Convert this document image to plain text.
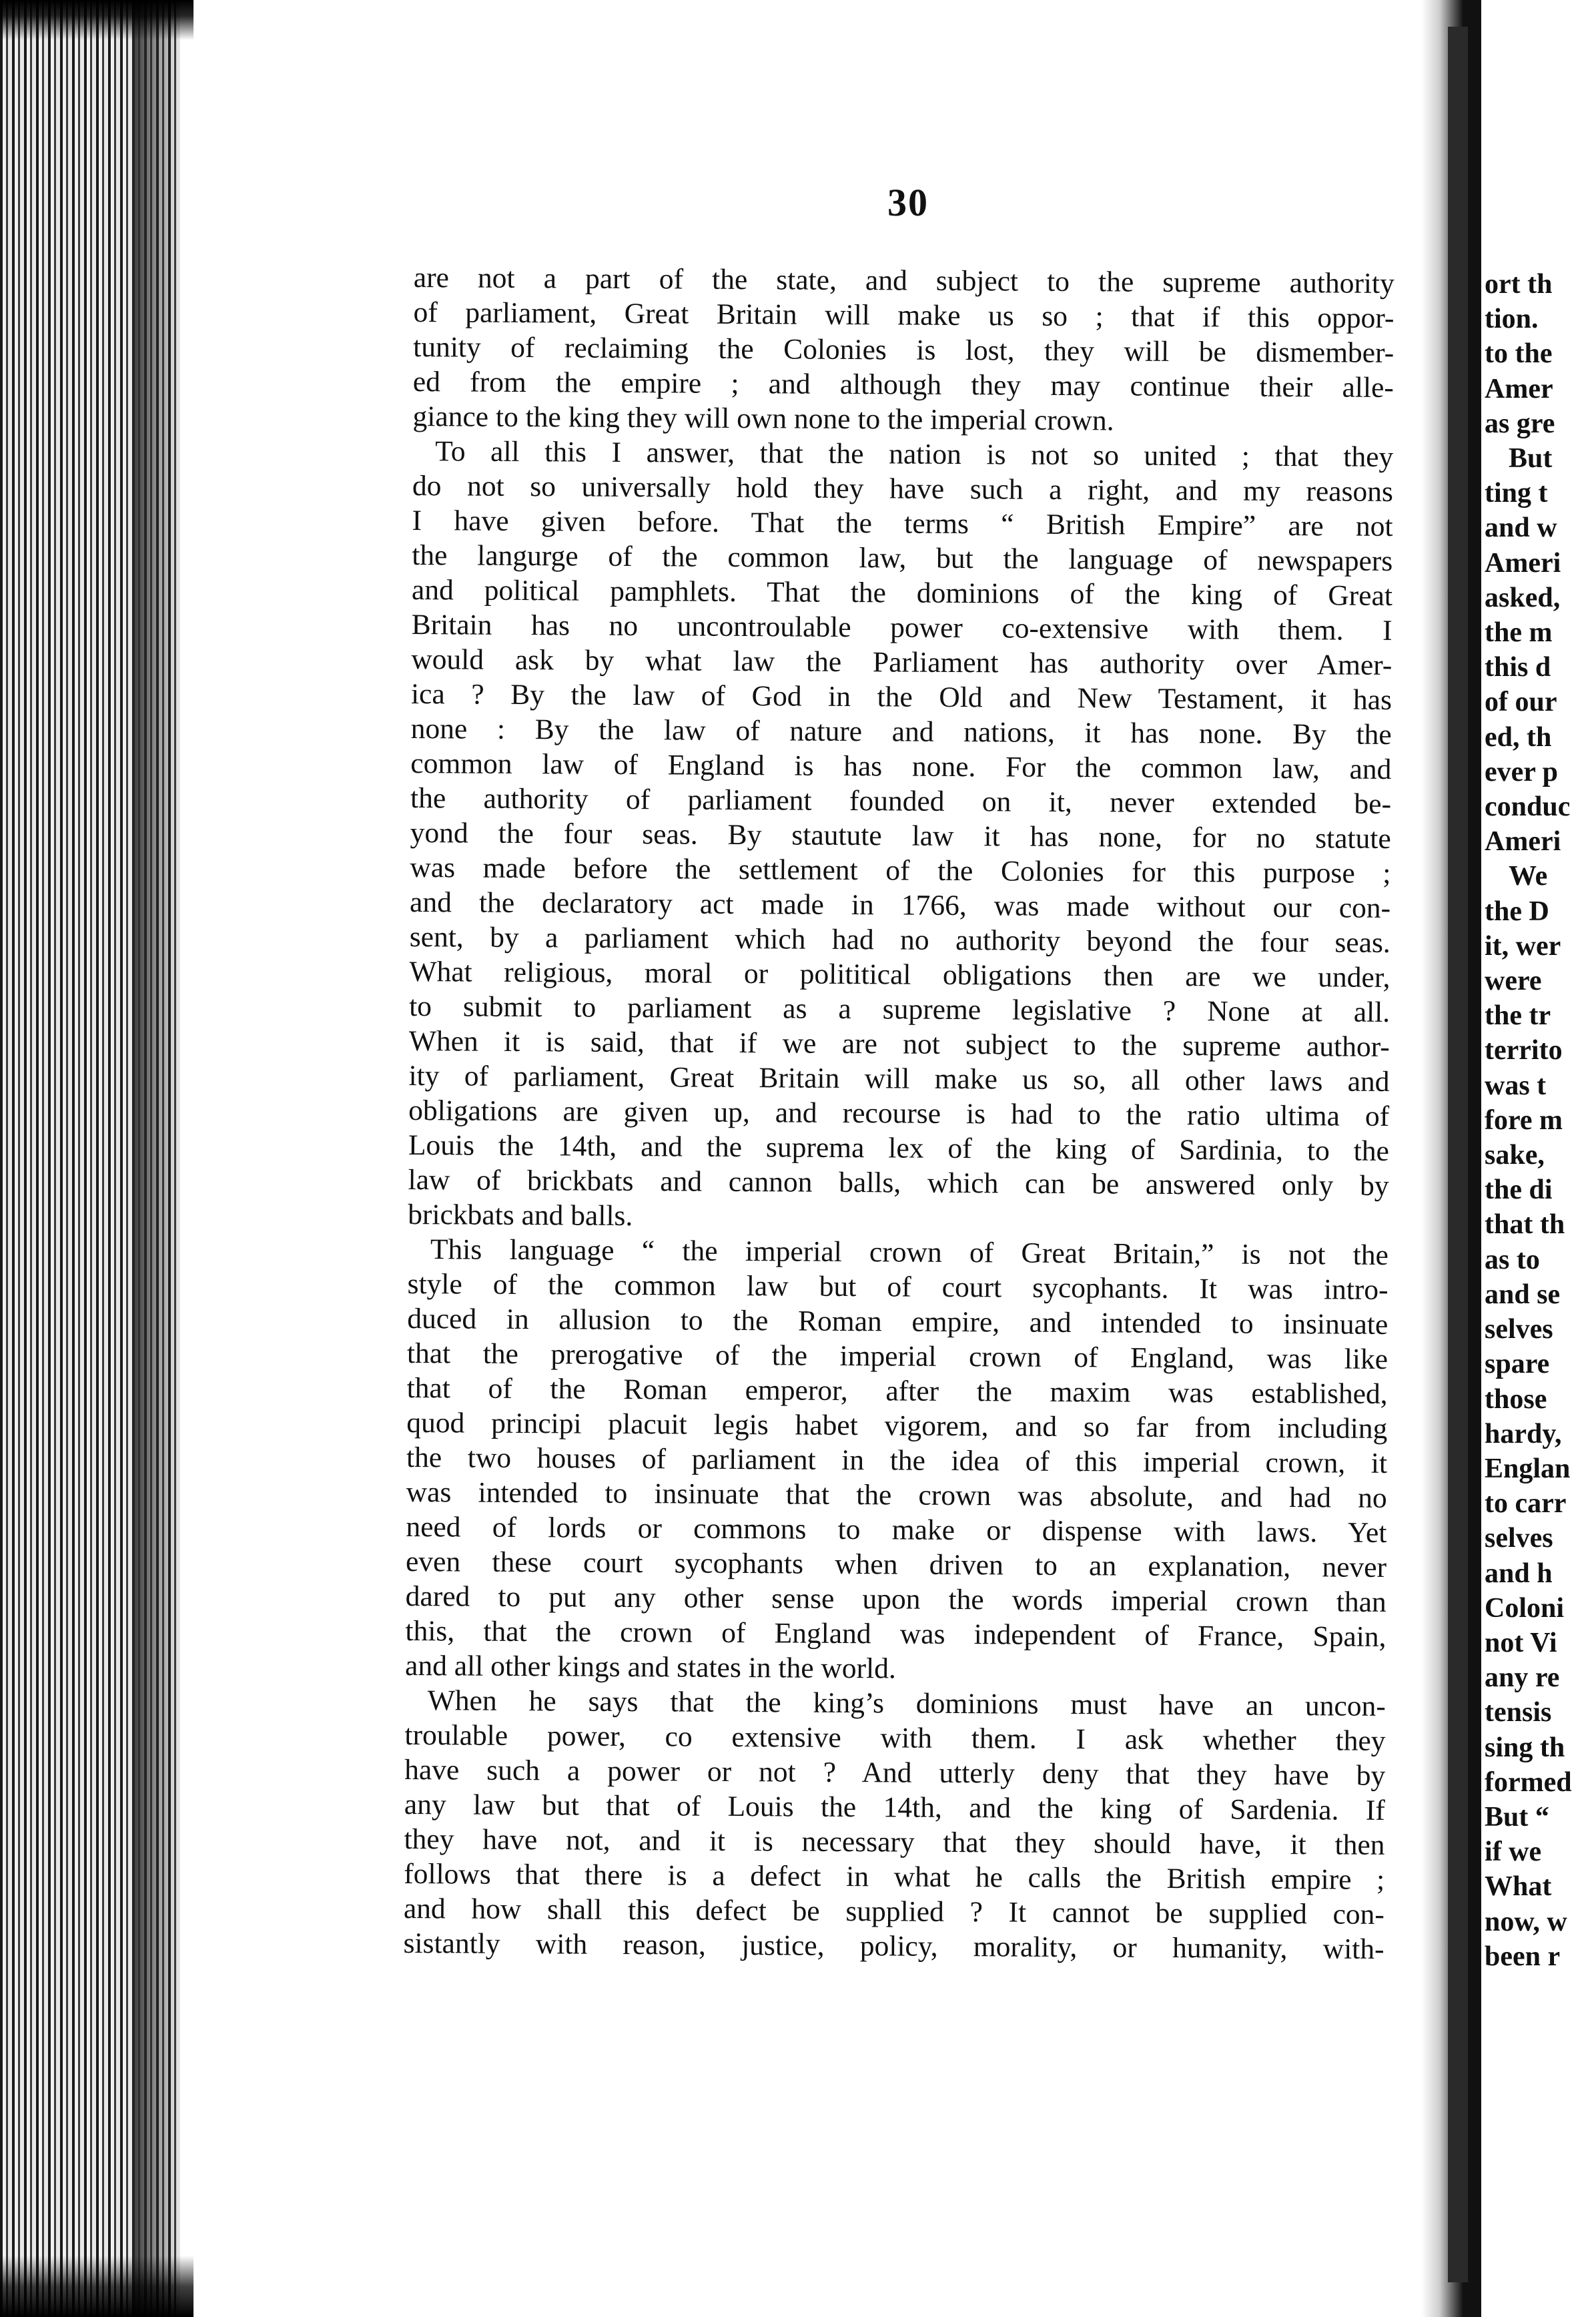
30
are not a part of the state, and subject to the supreme authority
of parliament, Great Britain will make us so ; that if this oppor-
tunity of reclaiming the Colonies is lost, they will be dismember-
ed from the empire ; and although they may continue their alle-
giance to the king they will own none to the imperial crown.
To all this I answer, that the nation is not so united ; that they
do not so universally hold they have such a right, and my reasons
I have given before. That the terms “ British Empire” are not
the langurge of the common law, but the language of newspapers
and political pamphlets. That the dominions of the king of Great
Britain has no uncontroulable power co-extensive with them. I
would ask by what law the Parliament has authority over Amer-
ica ? By the law of God in the Old and New Testament, it has
none : By the law of nature and nations, it has none. By the
common law of England is has none. For the common law, and
the authority of parliament founded on it, never extended be-
yond the four seas. By stautute law it has none, for no statute
was made before the settlement of the Colonies for this purpose ;
and the declaratory act made in 1766, was made without our con-
sent, by a parliament which had no authority beyond the four seas.
What religious, moral or polititical obligations then are we under,
to submit to parliament as a supreme legislative ? None at all.
When it is said, that if we are not subject to the supreme author-
ity of parliament, Great Britain will make us so, all other laws and
obligations are given up, and recourse is had to the ratio ultima of
Louis the 14th, and the suprema lex of the king of Sardinia, to the
law of brickbats and cannon balls, which can be answered only by
brickbats and balls.
This language “ the imperial crown of Great Britain,” is not the
style of the common law but of court sycophants. It was intro-
duced in allusion to the Roman empire, and intended to insinuate
that the prerogative of the imperial crown of England, was like
that of the Roman emperor, after the maxim was established,
quod principi placuit legis habet vigorem, and so far from including
the two houses of parliament in the idea of this imperial crown, it
was intended to insinuate that the crown was absolute, and had no
need of lords or commons to make or dispense with laws. Yet
even these court sycophants when driven to an explanation, never
dared to put any other sense upon the words imperial crown than
this, that the crown of England was independent of France, Spain,
and all other kings and states in the world.
When he says that the king’s dominions must have an uncon-
troulable power, co extensive with them. I ask whether they
have such a power or not ? And utterly deny that they have by
any law but that of Louis the 14th, and the king of Sardenia. If
they have not, and it is necessary that they should have, it then
follows that there is a defect in what he calls the British empire ;
and how shall this defect be supplied ? It cannot be supplied con-
sistantly with reason, justice, policy, morality, or humanity, with-
ort th
tion.
to the
Amer
as gre
But
ting t
and w
Ameri
asked,
the m
this d
of our
ed, th
ever p
conduc
Ameri
We
the D
it, wer
were
the tr
territo
was t
fore m
sake,
the di
that th
as to
and se
selves
spare
those
hardy,
Englan
to carr
selves
and h
Coloni
not Vi
any re
tensis
sing th
formed
But “
if we
What
now, w
been r
